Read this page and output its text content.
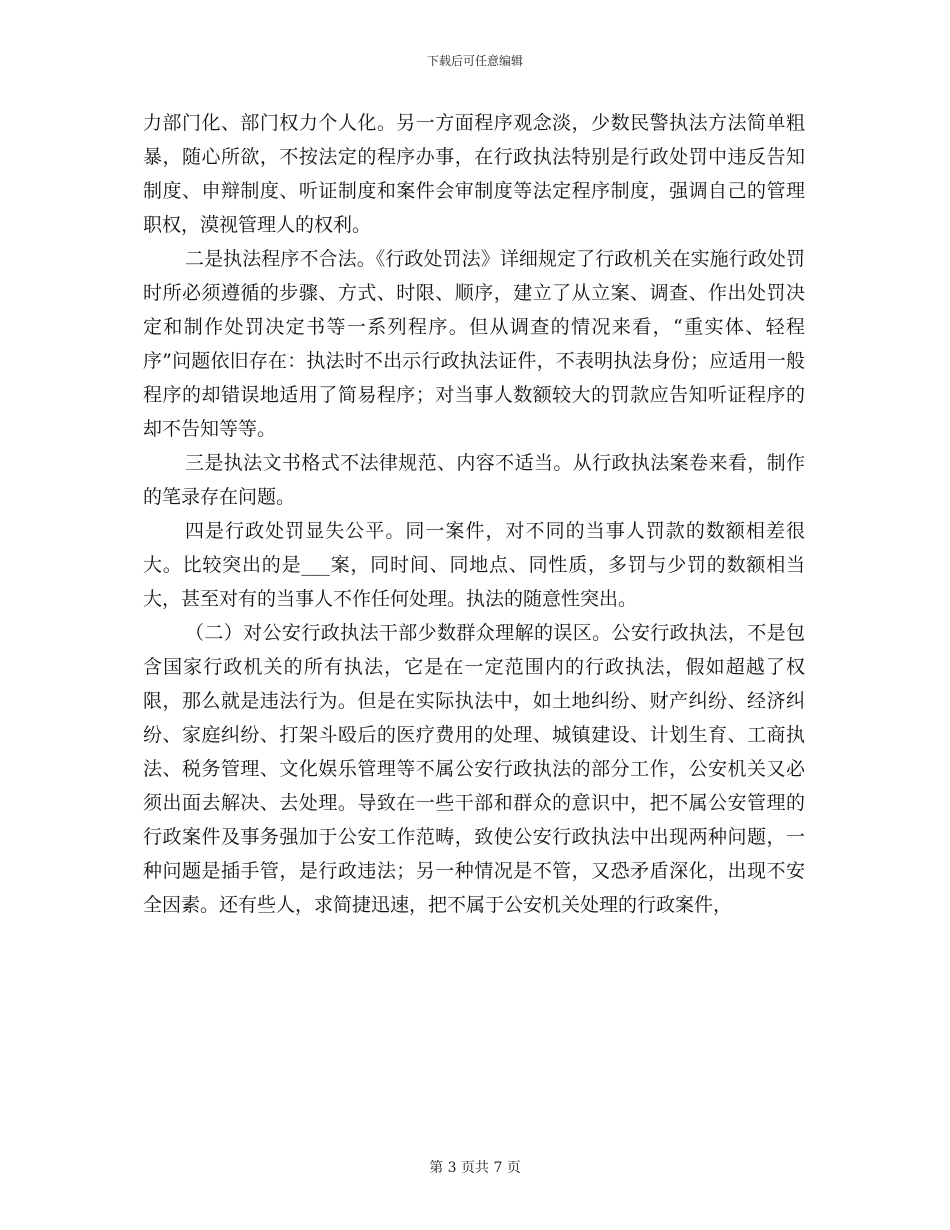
下载后可任意编辑

力部门化、部门权力个人化。另一方面程序观念淡，少数民警执法方法简单粗暴，随心所欲，不按法定的程序办事，在行政执法特别是行政处罚中违反告知制度、申辩制度、听证制度和案件会审制度等法定程序制度，强调自己的管理职权，漠视管理人的权利。

二是执法程序不合法。《行政处罚法》详细规定了行政机关在实施行政处罚时所必须遵循的步骤、方式、时限、顺序，建立了从立案、调查、作出处罚决定和制作处罚决定书等一系列程序。但从调查的情况来看，“重实体、轻程序”问题依旧存在：执法时不出示行政执法证件，不表明执法身份；应适用一般程序的却错误地适用了简易程序；对当事人数额较大的罚款应告知听证程序的却不告知等等。

三是执法文书格式不法律规范、内容不适当。从行政执法案卷来看，制作的笔录存在问题。

四是行政处罚显失公平。同一案件，对不同的当事人罚款的数额相差很大。比较突出的是___案，同时间、同地点、同性质，多罚与少罚的数额相当大，甚至对有的当事人不作任何处理。执法的随意性突出。

（二）对公安行政执法干部少数群众理解的误区。公安行政执法，不是包含国家行政机关的所有执法，它是在一定范围内的行政执法，假如超越了权限，那么就是违法行为。但是在实际执法中，如土地纠纷、财产纠纷、经济纠纷、家庭纠纷、打架斗殴后的医疗费用的处理、城镇建设、计划生育、工商执法、税务管理、文化娱乐管理等不属公安行政执法的部分工作，公安机关又必须出面去解决、去处理。导致在一些干部和群众的意识中，把不属公安管理的行政案件及事务强加于公安工作范畴，致使公安行政执法中出现两种问题，一种问题是插手管，是行政违法；另一种情况是不管，又恐矛盾深化，出现不安全因素。还有些人，求简捷迅速，把不属于公安机关处理的行政案件，

第 3 页共 7 页
